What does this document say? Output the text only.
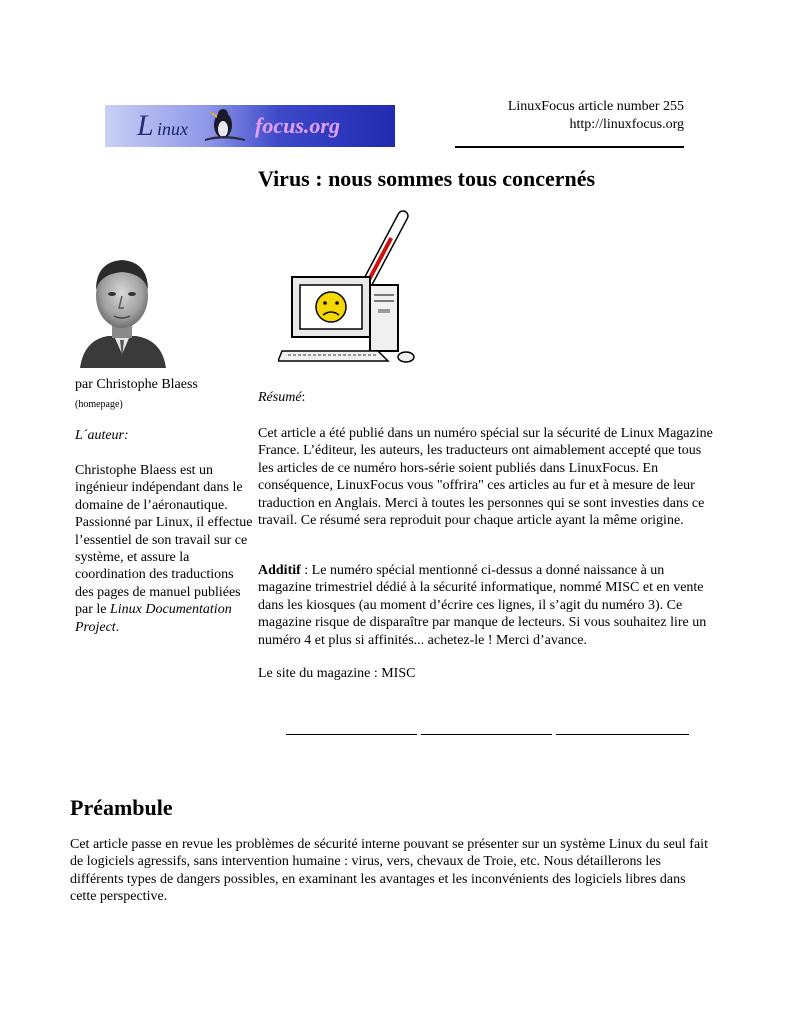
L inux	focus.org
LinuxFocus article number 255
http://linuxfocus.org
Virus : nous sommes tous concernés
par Christophe Blaess
(homepage)
L´auteur:
Christophe Blaess est un ingénieur indépendant dans le domaine de l’aéronautique. Passionné par Linux, il effectue l’essentiel de son travail sur ce système, et assure la coordination des traductions des pages de manuel publiées par le Linux Documentation Project.
Résumé:
Cet article a été publié dans un numéro spécial sur la sécurité de Linux Magazine France. L’éditeur, les auteurs, les traducteurs ont aimablement accepté que tous les articles de ce numéro hors-série soient publiés dans LinuxFocus. En conséquence, LinuxFocus vous "offrira" ces articles au fur et à mesure de leur traduction en Anglais. Merci à toutes les personnes qui se sont investies dans ce travail. Ce résumé sera reproduit pour chaque article ayant la même origine.
Additif : Le numéro spécial mentionné ci-dessus a donné naissance à un magazine trimestriel dédié à la sécurité informatique, nommé MISC et en vente dans les kiosques (au moment d’écrire ces lignes, il s’agit du numéro 3). Ce magazine risque de disparaître par manque de lecteurs. Si vous souhaitez lire un numéro 4 et plus si affinités... achetez-le ! Merci d’avance.
Le site du magazine : MISC
Préambule
Cet article passe en revue les problèmes de sécurité interne pouvant se présenter sur un système Linux du seul fait de logiciels agressifs, sans intervention humaine : virus, vers, chevaux de Troie, etc. Nous détaillerons les différents types de dangers possibles, en examinant les avantages et les inconvénients des logiciels libres dans cette perspective.
